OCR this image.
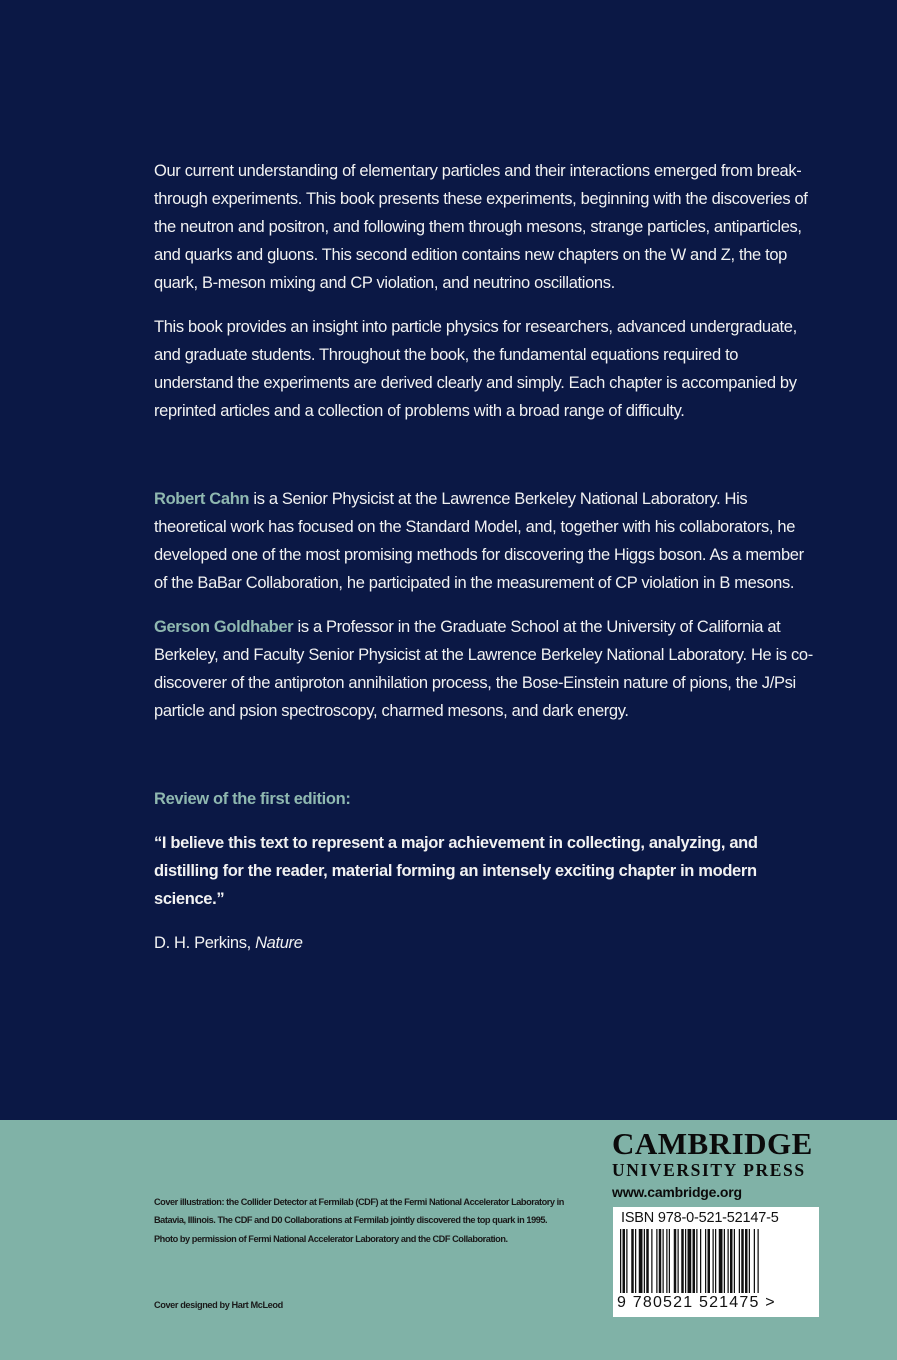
Our current understanding of elementary particles and their interactions emerged from break-through experiments. This book presents these experiments, beginning with the discoveries of the neutron and positron, and following them through mesons, strange particles, antiparticles, and quarks and gluons. This second edition contains new chapters on the W and Z, the top quark, B-meson mixing and CP violation, and neutrino oscillations.

This book provides an insight into particle physics for researchers, advanced undergraduate, and graduate students. Throughout the book, the fundamental equations required to understand the experiments are derived clearly and simply. Each chapter is accompanied by reprinted articles and a collection of problems with a broad range of difficulty.

Robert Cahn is a Senior Physicist at the Lawrence Berkeley National Laboratory. His theoretical work has focused on the Standard Model, and, together with his collaborators, he developed one of the most promising methods for discovering the Higgs boson. As a member of the BaBar Collaboration, he participated in the measurement of CP violation in B mesons.

Gerson Goldhaber is a Professor in the Graduate School at the University of California at Berkeley, and Faculty Senior Physicist at the Lawrence Berkeley National Laboratory. He is co-discoverer of the antiproton annihilation process, the Bose-Einstein nature of pions, the J/Psi particle and psion spectroscopy, charmed mesons, and dark energy.

Review of the first edition:

“I believe this text to represent a major achievement in collecting, analyzing, and distilling for the reader, material forming an intensely exciting chapter in modern science.”

D. H. Perkins, Nature

Cover illustration: the Collider Detector at Fermilab (CDF) at the Fermi National Accelerator Laboratory in Batavia, Illinois. The CDF and D0 Collaborations at Fermilab jointly discovered the top quark in 1995. Photo by permission of Fermi National Accelerator Laboratory and the CDF Collaboration.
Cover designed by Hart McLeod
CAMBRIDGE
UNIVERSITY PRESS
www.cambridge.org
ISBN 978-0-521-52147-5
9 780521 521475 >
